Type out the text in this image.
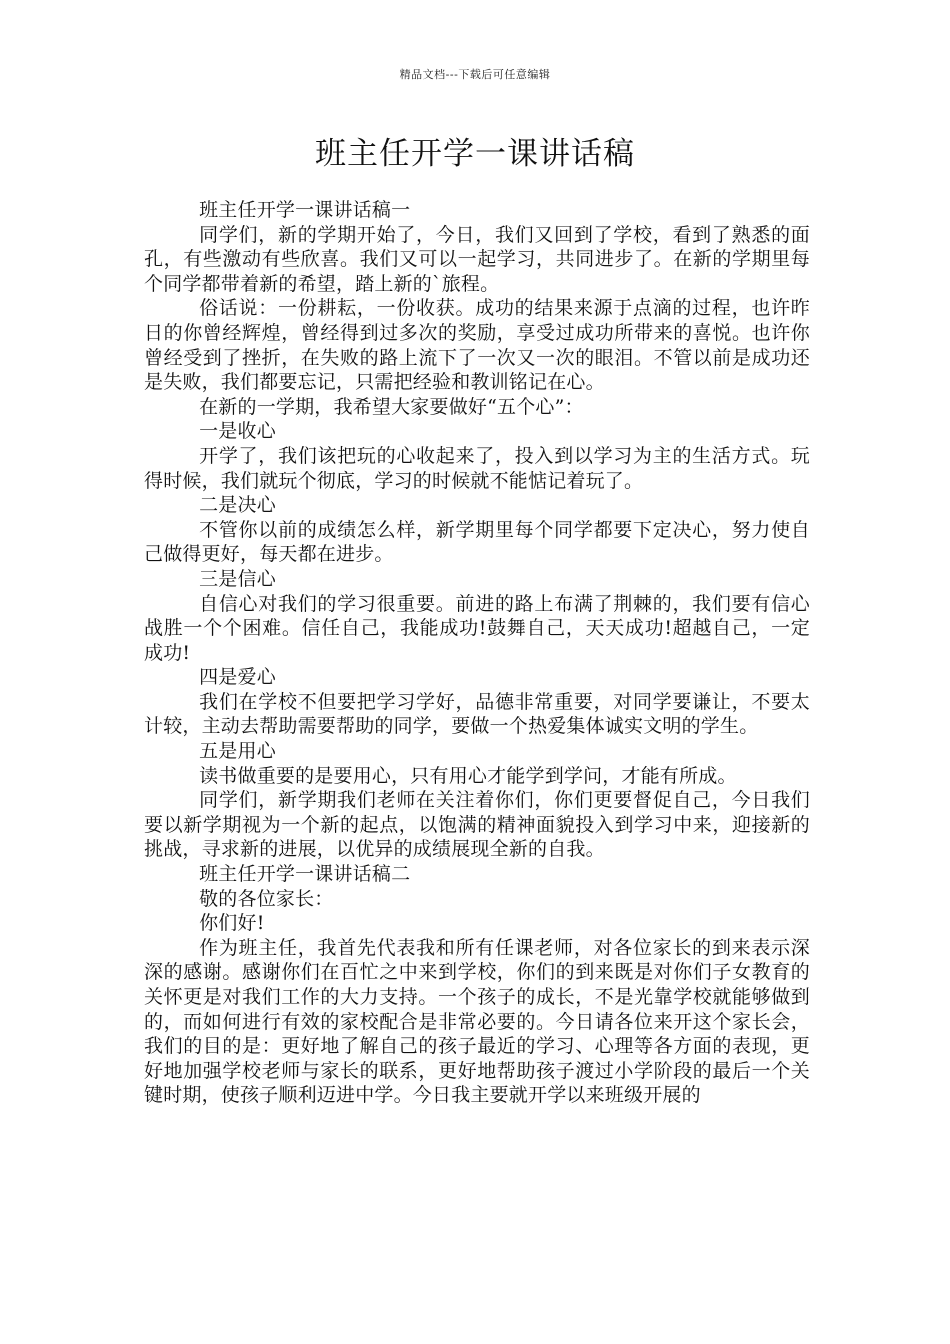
精品文档---下载后可任意编辑
班主任开学一课讲话稿

班主任开学一课讲话稿一

同学们，新的学期开始了，今日，我们又回到了学校，看到了熟悉的面孔，有些激动有些欣喜。我们又可以一起学习，共同进步了。在新的学期里每个同学都带着新的希望，踏上新的`旅程。

俗话说：一份耕耘，一份收获。成功的结果来源于点滴的过程，也许昨日的你曾经辉煌，曾经得到过多次的奖励，享受过成功所带来的喜悦。也许你曾经受到了挫折，在失败的路上流下了一次又一次的眼泪。不管以前是成功还是失败，我们都要忘记，只需把经验和教训铭记在心。

在新的一学期，我希望大家要做好“五个心”：

一是收心

开学了，我们该把玩的心收起来了，投入到以学习为主的生活方式。玩得时候，我们就玩个彻底，学习的时候就不能惦记着玩了。

二是决心

不管你以前的成绩怎么样，新学期里每个同学都要下定决心，努力使自己做得更好，每天都在进步。

三是信心

自信心对我们的学习很重要。前进的路上布满了荆棘的，我们要有信心战胜一个个困难。信任自己，我能成功!鼓舞自己，天天成功!超越自己，一定成功!

四是爱心

我们在学校不但要把学习学好，品德非常重要，对同学要谦让，不要太计较，主动去帮助需要帮助的同学，要做一个热爱集体诚实文明的学生。

五是用心

读书做重要的是要用心，只有用心才能学到学问，才能有所成。

同学们，新学期我们老师在关注着你们，你们更要督促自己，今日我们要以新学期视为一个新的起点，以饱满的精神面貌投入到学习中来，迎接新的挑战，寻求新的进展，以优异的成绩展现全新的自我。

班主任开学一课讲话稿二

敬的各位家长：

你们好!

作为班主任，我首先代表我和所有任课老师，对各位家长的到来表示深深的感谢。感谢你们在百忙之中来到学校，你们的到来既是对你们子女教育的关怀更是对我们工作的大力支持。一个孩子的成长，不是光靠学校就能够做到的，而如何进行有效的家校配合是非常必要的。今日请各位来开这个家长会，我们的目的是：更好地了解自己的孩子最近的学习、心理等各方面的表现，更好地加强学校老师与家长的联系，更好地帮助孩子渡过小学阶段的最后一个关键时期，使孩子顺利迈进中学。今日我主要就开学以来班级开展的
